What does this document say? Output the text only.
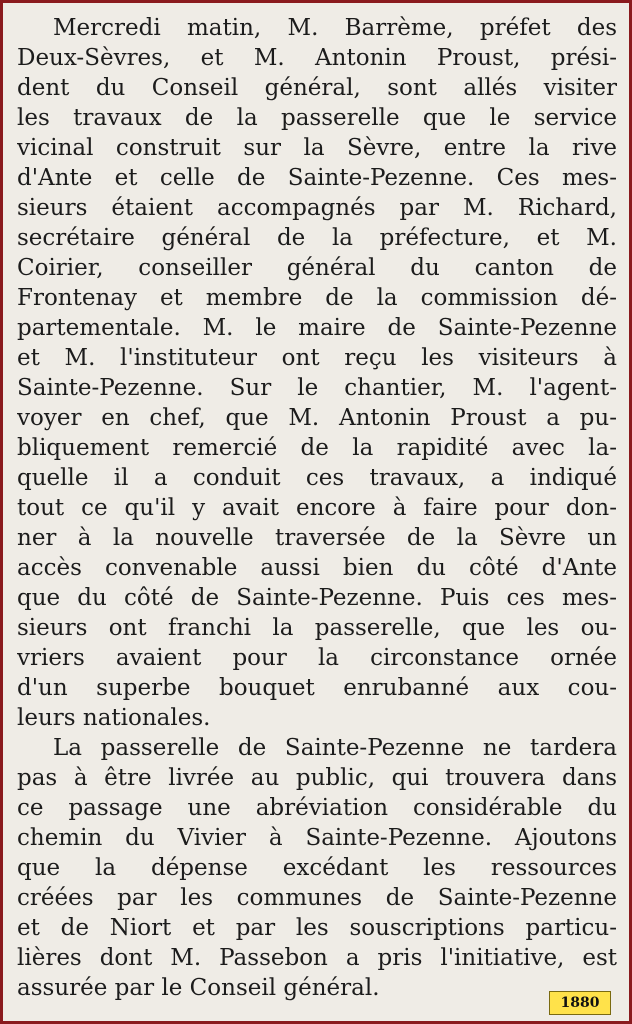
Mercredi matin, M. Barrème, préfet des
Deux-Sèvres, et M. Antonin Proust, prési-
dent du Conseil général, sont allés visiter
les travaux de la passerelle que le service
vicinal construit sur la Sèvre, entre la rive
d'Ante et celle de Sainte-Pezenne. Ces mes-
sieurs étaient accompagnés par M. Richard,
secrétaire général de la préfecture, et M.
Coirier, conseiller général du canton de
Frontenay et membre de la commission dé-
partementale. M. le maire de Sainte-Pezenne
et M. l'instituteur ont reçu les visiteurs à
Sainte-Pezenne. Sur le chantier, M. l'agent-
voyer en chef, que M. Antonin Proust a pu-
bliquement remercié de la rapidité avec la-
quelle il a conduit ces travaux, a indiqué
tout ce qu'il y avait encore à faire pour don-
ner à la nouvelle traversée de la Sèvre un
accès convenable aussi bien du côté d'Ante
que du côté de Sainte-Pezenne. Puis ces mes-
sieurs ont franchi la passerelle, que les ou-
vriers avaient pour la circonstance ornée
d'un superbe bouquet enrubanné aux cou-
leurs nationales.
La passerelle de Sainte-Pezenne ne tardera
pas à être livrée au public, qui trouvera dans
ce passage une abréviation considérable du
chemin du Vivier à Sainte-Pezenne. Ajoutons
que la dépense excédant les ressources
créées par les communes de Sainte-Pezenne
et de Niort et par les souscriptions particu-
lières dont M. Passebon a pris l'initiative, est
assurée par le Conseil général.
1880
